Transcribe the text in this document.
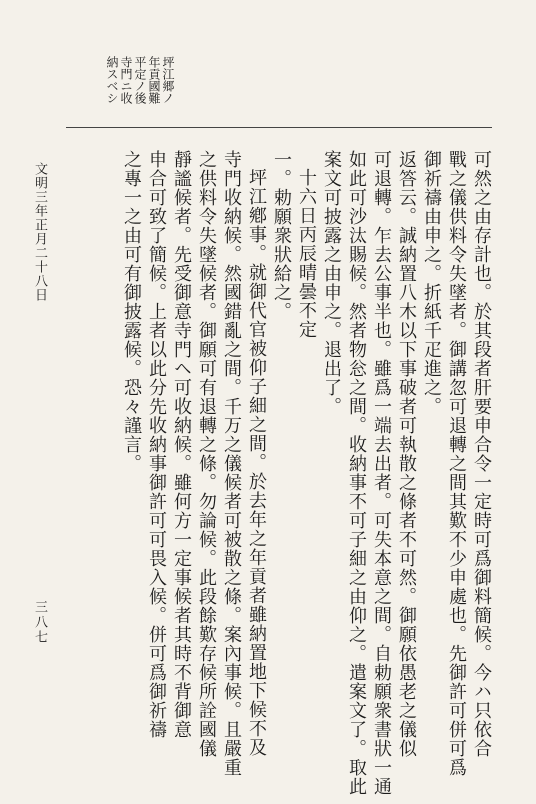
坪江郷ノ
年貢國難
平定ノ後
寺門ニ收
納スベシ
可然之由存計也。於其段者肝要申合令一定時可爲御料簡候。今ハ只依合
戰之儀供料令失墜者。御講忽可退轉之間其歎不少申處也。先御許可併可爲
御祈禱由申之。折紙千疋進之。
返答云。誠納置八木以下事破者可執散之條者不可然。御願依愚老之儀似
可退轉。乍去公事半也。雖爲一端去出者。可失本意之間。自勅願衆書狀一通
如此可沙汰賜候。然者物忩之間。收納事不可子細之由仰之。遣案文了。取此
案文可披露之由申之。退出了。
十六日丙辰晴曇不定
一。勅願衆狀給之。
坪江鄕事。就御代官被仰子細之間。於去年之年貢者雖納置地下候不及
寺門收納候。然國錯亂之間。千万之儀候者可被散之條。案內事候。且嚴重
之供料令失墜候者。御願可有退轉之條。勿論候。此段餘歎存候所詮國儀
靜謐候者。先受御意寺門ヘ可收納候。雖何方一定事候者其時不背御意
申合可致了簡候。上者以此分先收納事御許可可畏入候。併可爲御祈禱
之專一之由可有御披露候。恐々謹言。
文明三年正月二十八日
三八七
